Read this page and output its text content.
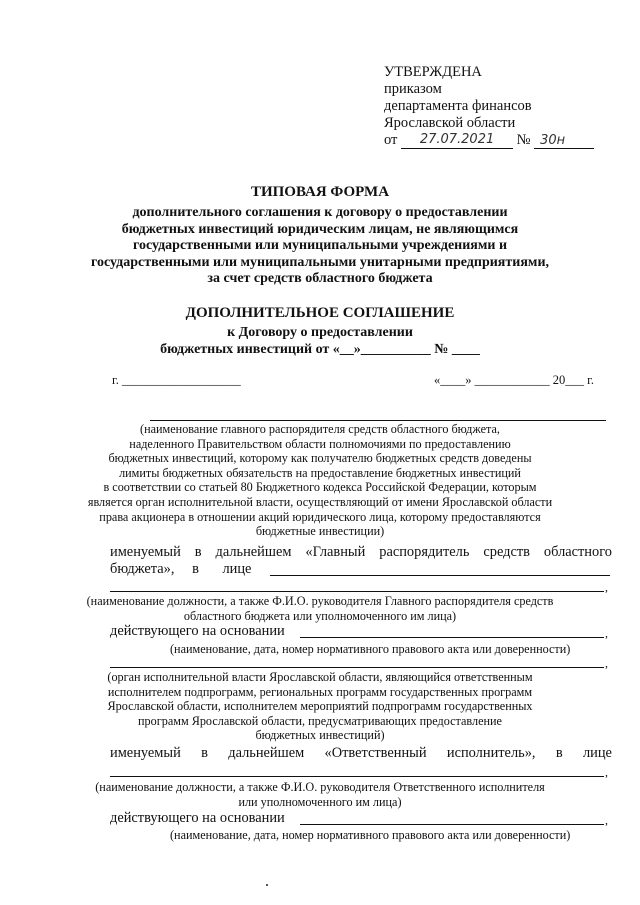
УТВЕРЖДЕНА
приказом
департамента финансов
Ярославской области
от 27.07.2021 № 30н
ТИПОВАЯ ФОРМА
дополнительного соглашения к договору о предоставлении
бюджетных инвестиций юридическим лицам, не являющимся
государственными или муниципальными учреждениями и
государственными или муниципальными унитарными предприятиями,
за счет средств областного бюджета
ДОПОЛНИТЕЛЬНОЕ СОГЛАШЕНИЕ
к Договору о предоставлении
бюджетных инвестиций от «__»__________ № ____
г. ___________________	«____» ____________ 20___ г.
(наименование главного распорядителя средств областного бюджета,
наделенного Правительством области полномочиями по предоставлению
бюджетных инвестиций, которому как получателю бюджетных средств доведены
лимиты бюджетных обязательств на предоставление бюджетных инвестиций
в соответствии со статьей 80 Бюджетного кодекса Российской Федерации, которым
является орган исполнительной власти, осуществляющий от имени Ярославской области
права акционера в отношении акций юридического лица, которому предоставляются
бюджетные инвестиции)
именуемый в дальнейшем «Главный распорядитель средств областного
бюджета», в лице
,
(наименование должности, а также Ф.И.О. руководителя Главного распорядителя средств
областного бюджета или уполномоченного им лица)
действующего на основании	,
(наименование, дата, номер нормативного правового акта или доверенности)
,
(орган исполнительной власти Ярославской области, являющийся ответственным
исполнителем подпрограмм, региональных программ государственных программ
Ярославской области, исполнителем мероприятий подпрограмм государственных
программ Ярославской области, предусматривающих предоставление
бюджетных инвестиций)
именуемый в дальнейшем «Ответственный исполнитель», в лице
,
(наименование должности, а также Ф.И.О. руководителя Ответственного исполнителя
или уполномоченного им лица)
действующего на основании	,
(наименование, дата, номер нормативного правового акта или доверенности)
